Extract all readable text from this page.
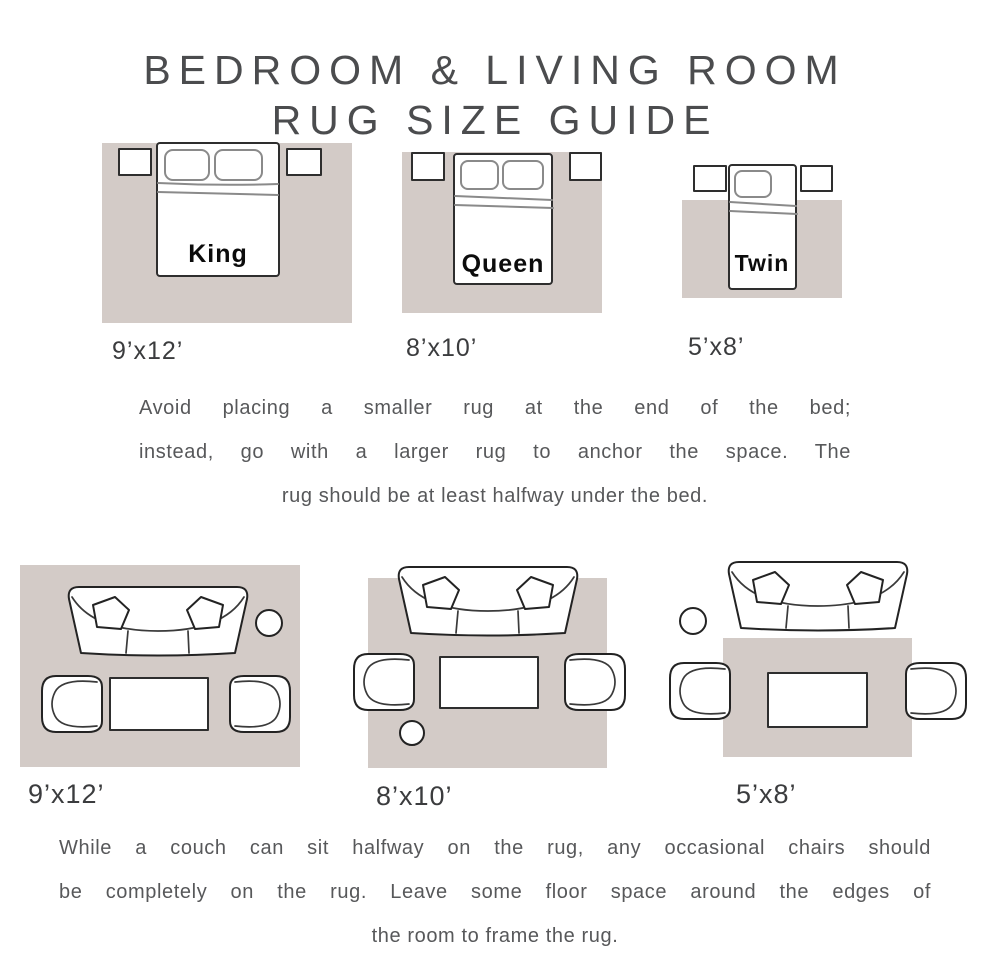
BEDROOM & LIVING ROOM
RUG SIZE GUIDE
King
9’x12’
Queen
8’x10’
Twin
5’x8’
Avoid placing a smaller rug at the end of the bed;
instead, go with a larger rug to anchor the space. The
rug should be at least halfway under the bed.
9’x12’	8’x10’	5’x8’
While a couch can sit halfway on the rug, any occasional chairs should
be completely on the rug. Leave some floor space around the edges of
the room to frame the rug.
